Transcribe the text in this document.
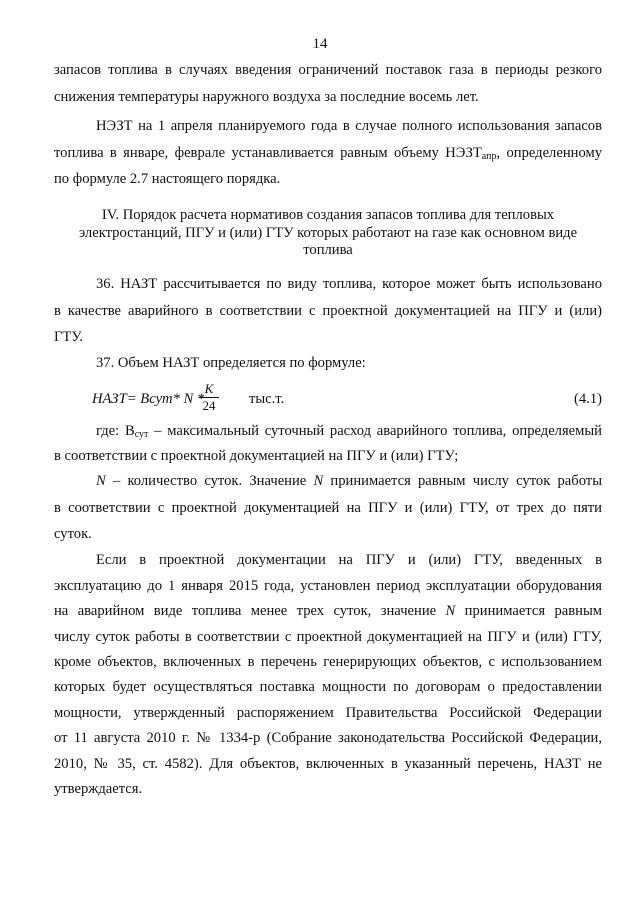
14

запасов топлива в случаях введения ограничений поставок газа в периоды резкого

снижения температуры наружного воздуха за последние восемь лет.

НЭЗТ на 1 апреля планируемого года в случае полного использования запасов

топлива в январе, феврале устанавливается равным объему $НЭЗТ_{апр}$, определенному

по формуле 2.7 настоящего порядка.

IV. Порядок расчета нормативов создания запасов топлива для тепловых
электростанций, ПГУ и (или) ГТУ которых работают на газе как основном виде
топлива

36. НАЗТ рассчитывается по виду топлива, которое может быть использовано

в качестве аварийного в соответствии с проектной документацией на ПГУ и (или)

ГТУ.

37. Объем НАЗТ определяется по формуле:

НАЗТ= Всут* N *
$\frac{K}{24} тыс.т$.	(4.1)

где: $В_{сут}$ – максимальный суточный расход аварийного топлива, определяемый

в соответствии с проектной документацией на ПГУ и (или) ГТУ;

N – количество суток. Значение N принимается равным числу суток работы

в соответствии с проектной документацией на ПГУ и (или) ГТУ, от трех до пяти

суток.

Если в проектной документации на ПГУ и (или) ГТУ, введенных в

эксплуатацию до 1 января 2015 года, установлен период эксплуатации оборудования

на аварийном виде топлива менее трех суток, значение N принимается равным

числу суток работы в соответствии с проектной документацией на ПГУ и (или) ГТУ,

кроме объектов, включенных в перечень генерирующих объектов, с использованием

которых будет осуществляться поставка мощности по договорам о предоставлении

мощности, утвержденный распоряжением Правительства Российской Федерации

от 11 августа 2010 г. № 1334-р (Собрание законодательства Российской Федерации,

2010, № 35, ст. 4582). Для объектов, включенных в указанный перечень, НАЗТ не

утверждается.
